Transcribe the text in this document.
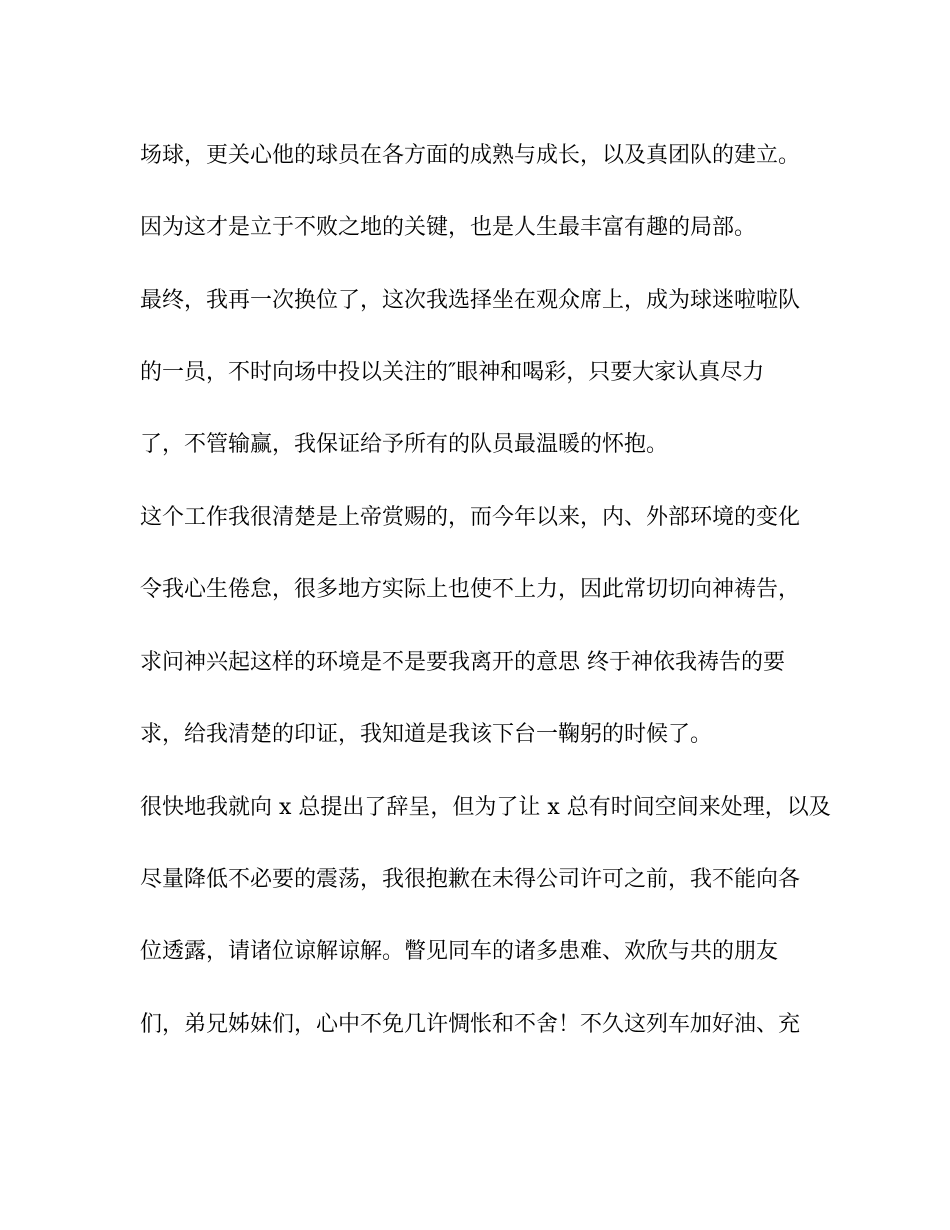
场球，更关心他的球员在各方面的成熟与成长，以及真团队的建立。
因为这才是立于不败之地的关键，也是人生最丰富有趣的局部。
最终，我再一次换位了，这次我选择坐在观众席上，成为球迷啦啦队
的一员，不时向场中投以关注的″眼神和喝彩，只要大家认真尽力
了，不管输赢，我保证给予所有的队员最温暖的怀抱。
这个工作我很清楚是上帝赏赐的，而今年以来，内、外部环境的变化
令我心生倦怠，很多地方实际上也使不上力，因此常切切向神祷告，
求问神兴起这样的环境是不是要我离开的意思 终于神依我祷告的要
求，给我清楚的印证，我知道是我该下台一鞠躬的时候了。
很快地我就向 x 总提出了辞呈，但为了让 x 总有时间空间来处理，以及
尽量降低不必要的震荡，我很抱歉在未得公司许可之前，我不能向各
位透露，请诸位谅解谅解。瞥见同车的诸多患难、欢欣与共的朋友
们，弟兄姊妹们，心中不免几许惆怅和不舍！不久这列车加好油、充
